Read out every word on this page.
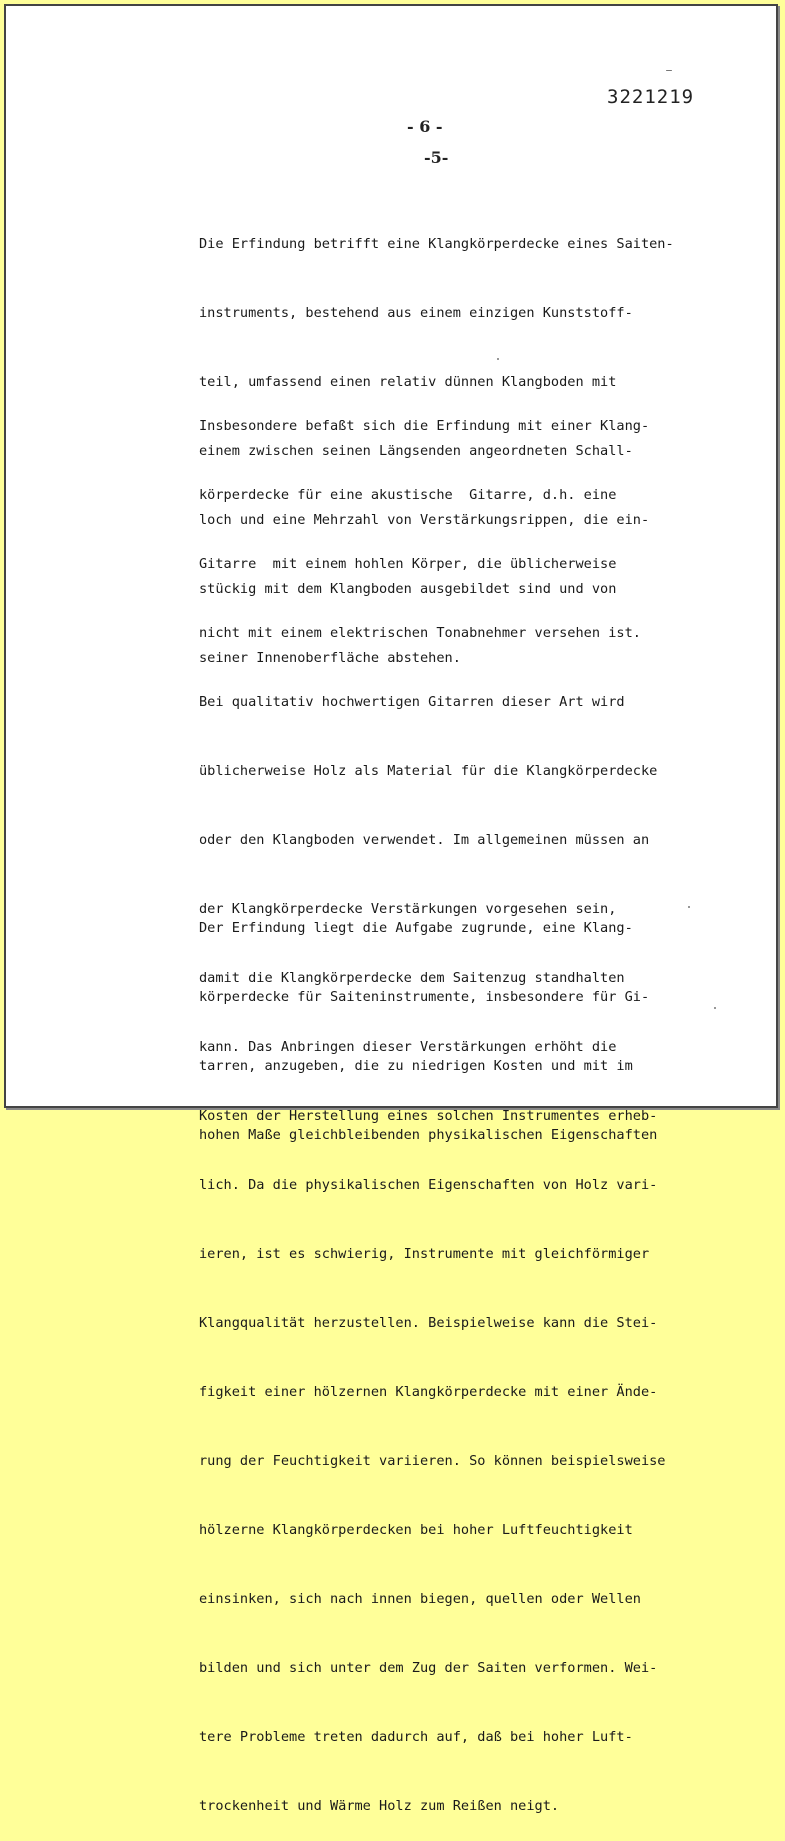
3221219
- 6 -
-5-

Die Erfindung betrifft eine Klangkörperdecke eines Saiten-

instruments, bestehend aus einem einzigen Kunststoff-

teil, umfassend einen relativ dünnen Klangboden mit

einem zwischen seinen Längsenden angeordneten Schall-

loch und eine Mehrzahl von Verstärkungsrippen, die ein-

stückig mit dem Klangboden ausgebildet sind und von

seiner Innenoberfläche abstehen.

Insbesondere befaßt sich die Erfindung mit einer Klang-

körperdecke für eine akustische  Gitarre, d.h. eine

Gitarre  mit einem hohlen Körper, die üblicherweise

nicht mit einem elektrischen Tonabnehmer versehen ist.

Bei qualitativ hochwertigen Gitarren dieser Art wird

üblicherweise Holz als Material für die Klangkörperdecke

oder den Klangboden verwendet. Im allgemeinen müssen an

der Klangkörperdecke Verstärkungen vorgesehen sein,

damit die Klangkörperdecke dem Saitenzug standhalten

kann. Das Anbringen dieser Verstärkungen erhöht die

Kosten der Herstellung eines solchen Instrumentes erheb-

lich. Da die physikalischen Eigenschaften von Holz vari-

ieren, ist es schwierig, Instrumente mit gleichförmiger

Klangqualität herzustellen. Beispielweise kann die Stei-

figkeit einer hölzernen Klangkörperdecke mit einer Ände-

rung der Feuchtigkeit variieren. So können beispielsweise

hölzerne Klangkörperdecken bei hoher Luftfeuchtigkeit

einsinken, sich nach innen biegen, quellen oder Wellen

bilden und sich unter dem Zug der Saiten verformen. Wei-

tere Probleme treten dadurch auf, daß bei hoher Luft-

trockenheit und Wärme Holz zum Reißen neigt.

Der Erfindung liegt die Aufgabe zugrunde, eine Klang-

körperdecke für Saiteninstrumente, insbesondere für Gi-

tarren, anzugeben, die zu niedrigen Kosten und mit im

hohen Maße gleichbleibenden physikalischen Eigenschaften
